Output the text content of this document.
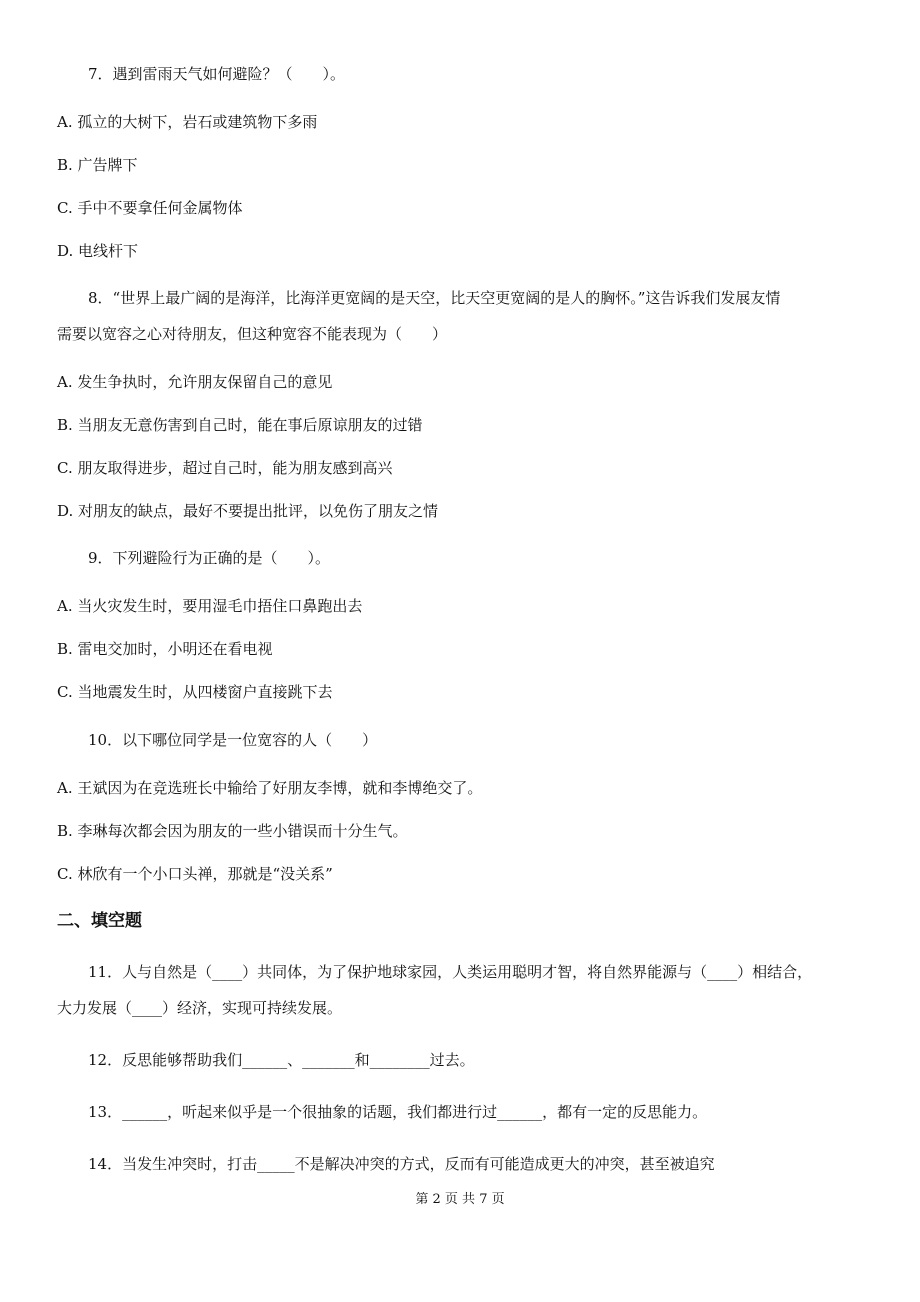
7．遇到雷雨天气如何避险？（　　）。
A. 孤立的大树下，岩石或建筑物下多雨
B. 广告牌下
C. 手中不要拿任何金属物体
D. 电线杆下
8．“世界上最广阔的是海洋，比海洋更宽阔的是天空，比天空更宽阔的是人的胸怀。”这告诉我们发展友情
需要以宽容之心对待朋友，但这种宽容不能表现为（　　）
A. 发生争执时，允许朋友保留自己的意见
B. 当朋友无意伤害到自己时，能在事后原谅朋友的过错
C. 朋友取得进步，超过自己时，能为朋友感到高兴
D. 对朋友的缺点，最好不要提出批评，以免伤了朋友之情
9．下列避险行为正确的是（　　）。
A. 当火灾发生时，要用湿毛巾捂住口鼻跑出去
B. 雷电交加时，小明还在看电视
C. 当地震发生时，从四楼窗户直接跳下去
10．以下哪位同学是一位宽容的人（　　）
A. 王斌因为在竞选班长中输给了好朋友李博，就和李博绝交了。
B. 李琳每次都会因为朋友的一些小错误而十分生气。
C. 林欣有一个小口头禅，那就是“没关系”
二、填空题
11．人与自然是（____）共同体，为了保护地球家园，人类运用聪明才智，将自然界能源与（____）相结合，
大力发展（____）经济，实现可持续发展。
12．反思能够帮助我们______、_______和________过去。
13．______，听起来似乎是一个很抽象的话题，我们都进行过______，都有一定的反思能力。
14．当发生冲突时，打击_____不是解决冲突的方式，反而有可能造成更大的冲突，甚至被追究
第 2 页 共 7 页
